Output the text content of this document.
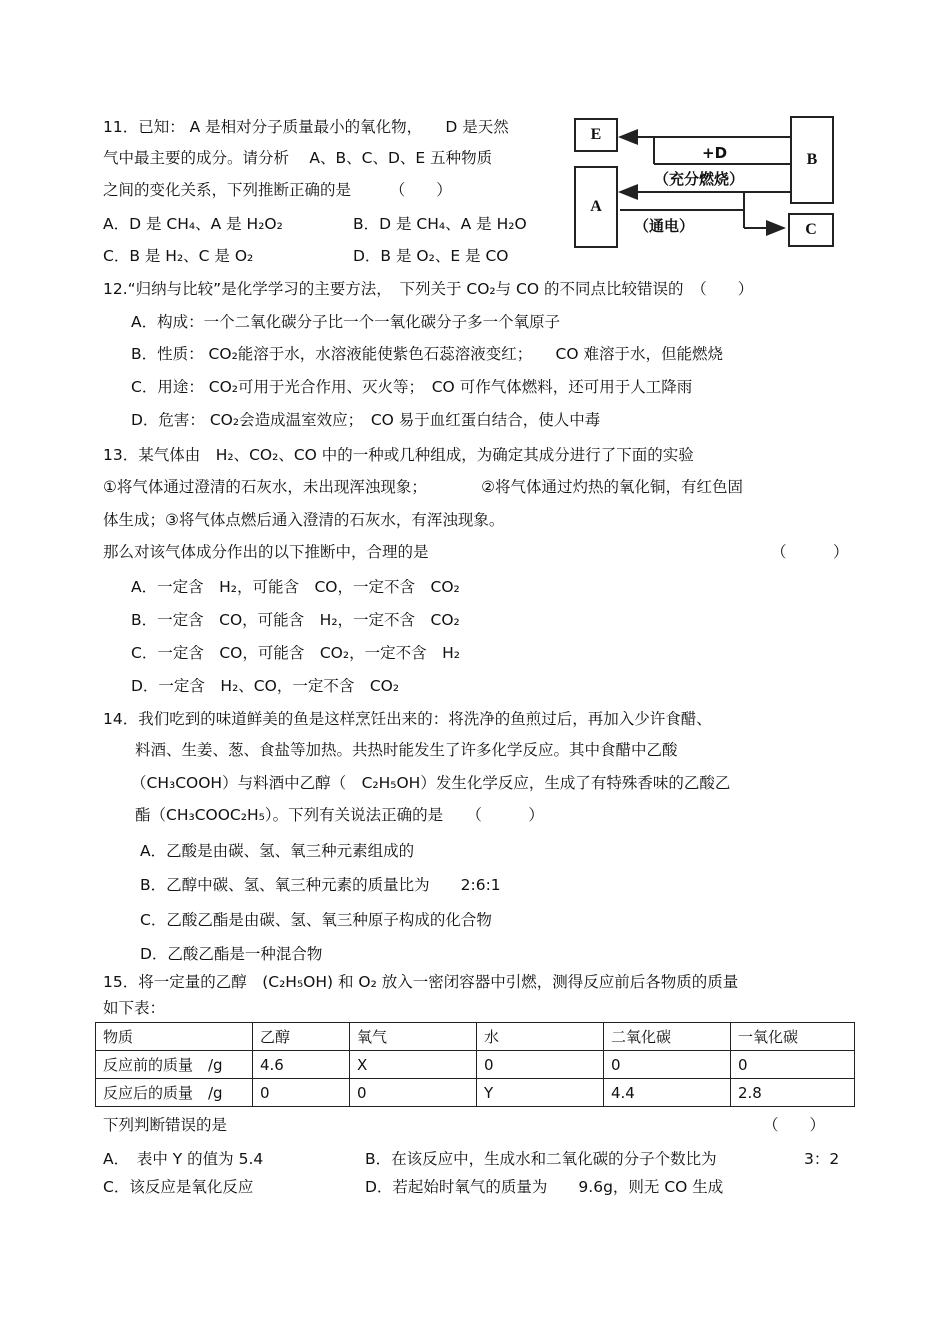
11．已知： A 是相对分子质量最小的氧化物，　　D 是天然
气中最主要的成分。请分析　 A、B、C、D、E 五种物质
之间的变化关系，下列推断正确的是　　　（　　）
A．D 是 CH₄、A 是 H₂O₂	B．D 是 CH₄、A 是 H₂O
C．B 是 H₂、C 是 O₂	D．B 是 O₂、E 是 CO
E
B
A
C
+D
（充分燃烧）
（通电）
12.“归纳与比较”是化学学习的主要方法，　下列关于 CO₂与 CO 的不同点比较错误的　（　　）
A．构成：一个二氧化碳分子比一个一氧化碳分子多一个氧原子
B．性质： CO₂能溶于水，水溶液能使紫色石蕊溶液变红；　　CO 难溶于水，但能燃烧
C．用途： CO₂可用于光合作用、灭火等；　CO 可作气体燃料，还可用于人工降雨
D．危害： CO₂会造成温室效应；　CO 易于血红蛋白结合，使人中毒
13．某气体由　H₂、CO₂、CO 中的一种或几种组成，为确定其成分进行了下面的实验
①将气体通过澄清的石灰水，未出现浑浊现象；　　　　②将气体通过灼热的氧化铜，有红色固
体生成；③将气体点燃后通入澄清的石灰水，有浑浊现象。
那么对该气体成分作出的以下推断中，合理的是	（　　　）
A．一定含　H₂，可能含　CO，一定不含　CO₂
B．一定含　CO，可能含　H₂，一定不含　CO₂
C．一定含　CO，可能含　CO₂，一定不含　H₂
D．一定含　H₂、CO，一定不含　CO₂
14．我们吃到的味道鲜美的鱼是这样烹饪出来的：将洗净的鱼煎过后，再加入少许食醋、
料酒、生姜、葱、食盐等加热。共热时能发生了许多化学反应。其中食醋中乙酸
（CH₃COOH）与料酒中乙醇（　C₂H₅OH）发生化学反应，生成了有特殊香味的乙酸乙
酯（CH₃COOC₂H₅）。下列有关说法正确的是　　（　　　）
A．乙酸是由碳、氢、氧三种元素组成的
B．乙醇中碳、氢、氧三种元素的质量比为　　2:6:1
C．乙酸乙酯是由碳、氢、氧三种原子构成的化合物
D．乙酸乙酯是一种混合物
15．将一定量的乙醇　(C₂H₅OH) 和 O₂ 放入一密闭容器中引燃，测得反应前后各物质的质量
如下表：
物质	乙醇	氧气	水	二氧化碳	一氧化碳
反应前的质量　/g	4.6	X	0	0	0
反应后的质量　/g	0	0	Y	4.4	2.8
下列判断错误的是	（　　）
A．　表中 Y 的值为 5.4	B．在该反应中，生成水和二氧化碳的分子个数比为	3：2
C．该反应是氧化反应	D．若起始时氧气的质量为　　9.6g，则无 CO 生成
